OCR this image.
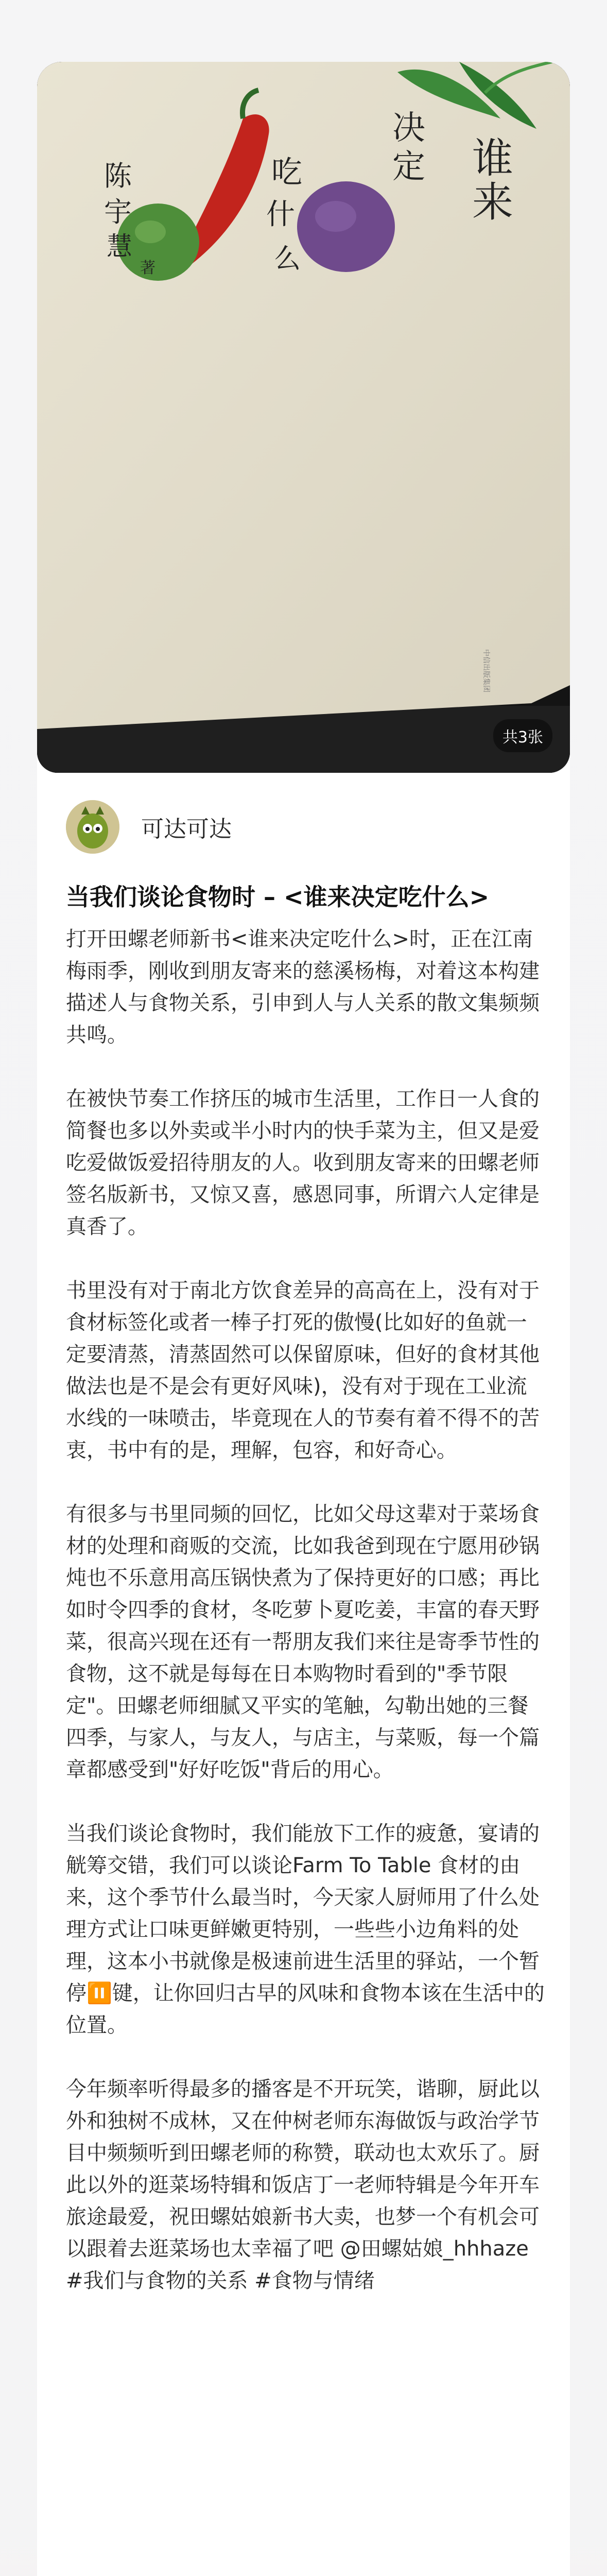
谁
来
决
定
吃
什
么
陈
宇
慧
著
中信出版集团
共3张
可达可达
当我们谈论食物时 – <谁来决定吃什么>

打开田螺老师新书<谁来决定吃什么>时，正在江南梅雨季，刚收到朋友寄来的慈溪杨梅，对着这本构建描述人与食物关系，引申到人与人关系的散文集频频共鸣。

在被快节奏工作挤压的城市生活里，工作日一人食的简餐也多以外卖或半小时内的快手菜为主，但又是爱吃爱做饭爱招待朋友的人。收到朋友寄来的田螺老师签名版新书，又惊又喜，感恩同事，所谓六人定律是真香了。

书里没有对于南北方饮食差异的高高在上，没有对于食材标签化或者一棒子打死的傲慢(比如好的鱼就一定要清蒸，清蒸固然可以保留原味，但好的食材其他做法也是不是会有更好风味)，没有对于现在工业流水线的一味喷击，毕竟现在人的节奏有着不得不的苦衷，书中有的是，理解，包容，和好奇心。

有很多与书里同频的回忆，比如父母这辈对于菜场食材的处理和商贩的交流，比如我爸到现在宁愿用砂锅炖也不乐意用高压锅快煮为了保持更好的口感；再比如时令四季的食材，冬吃萝卜夏吃姜，丰富的春天野菜，很高兴现在还有一帮朋友我们来往是寄季节性的食物，这不就是每每在日本购物时看到的"季节限定"。田螺老师细腻又平实的笔触，勾勒出她的三餐四季，与家人，与友人，与店主，与菜贩，每一个篇章都感受到"好好吃饭"背后的用心。

当我们谈论食物时，我们能放下工作的疲惫，宴请的觥筹交错，我们可以谈论Farm To Table 食材的由来，这个季节什么最当时，今天家人厨师用了什么处理方式让口味更鲜嫩更特别，一些些小边角料的处理，这本小书就像是极速前进生活里的驿站，一个暂停⏸️键，让你回归古早的风味和食物本该在生活中的位置。

今年频率听得最多的播客是不开玩笑，谐聊，厨此以外和独树不成林，又在仲树老师东海做饭与政治学节目中频频听到田螺老师的称赞，联动也太欢乐了。厨此以外的逛菜场特辑和饭店丁一老师特辑是今年开车旅途最爱，祝田螺姑娘新书大卖，也梦一个有机会可以跟着去逛菜场也太幸福了吧 @田螺姑娘_hhhaze #我们与食物的关系 #食物与情绪
